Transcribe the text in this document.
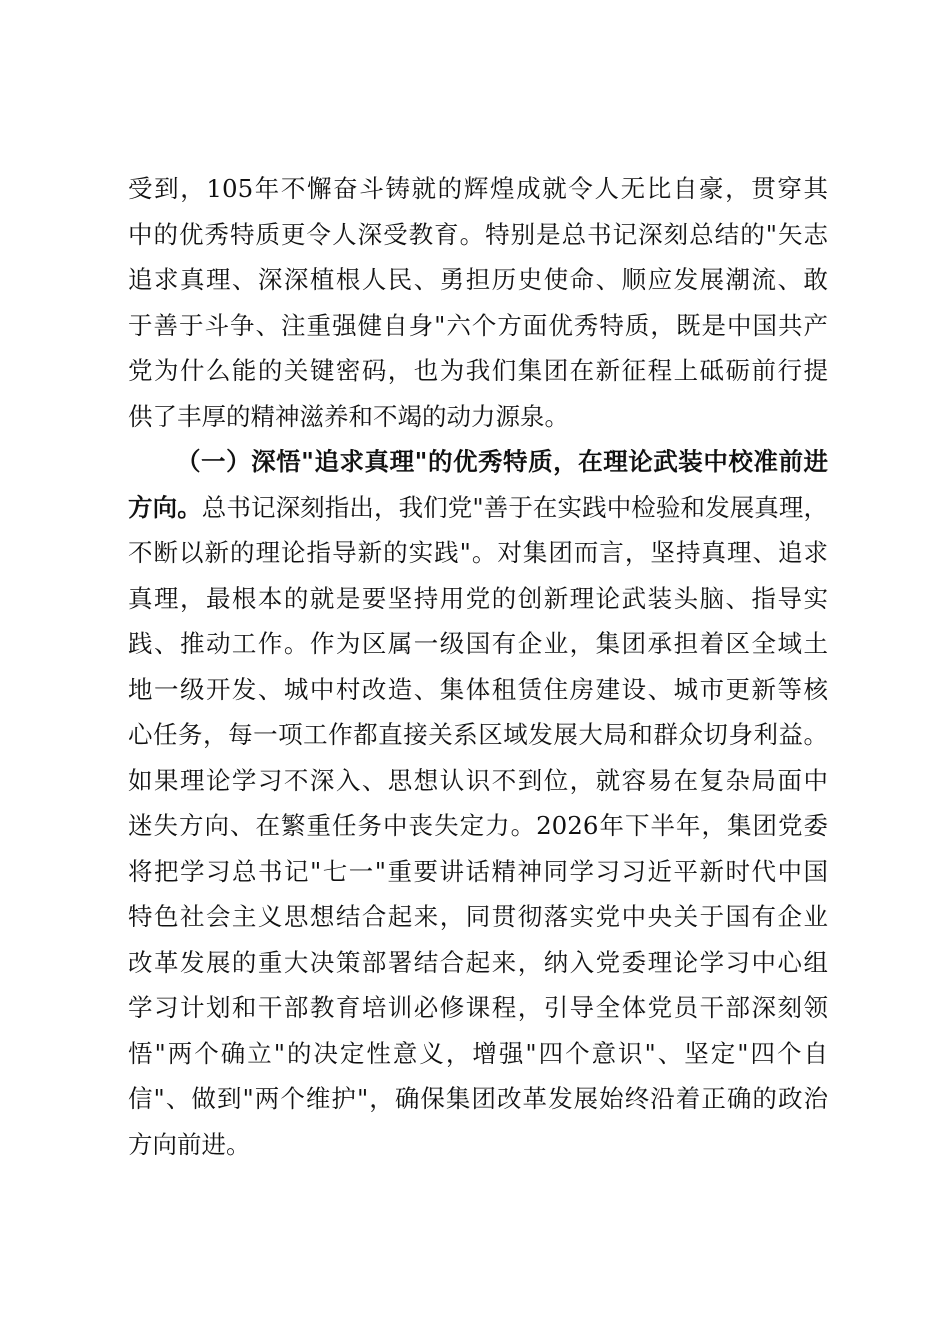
受到，105年不懈奋斗铸就的辉煌成就令人无比自豪，贯穿其
中的优秀特质更令人深受教育。特别是总书记深刻总结的"矢志
追求真理、深深植根人民、勇担历史使命、顺应发展潮流、敢
于善于斗争、注重强健自身"六个方面优秀特质，既是中国共产
党为什么能的关键密码，也为我们集团在新征程上砥砺前行提
供了丰厚的精神滋养和不竭的动力源泉。
（一）深悟"追求真理"的优秀特质，在理论武装中校准前进
方向。总书记深刻指出，我们党"善于在实践中检验和发展真理，
不断以新的理论指导新的实践"。对集团而言，坚持真理、追求
真理，最根本的就是要坚持用党的创新理论武装头脑、指导实
践、推动工作。作为区属一级国有企业，集团承担着区全域土
地一级开发、城中村改造、集体租赁住房建设、城市更新等核
心任务，每一项工作都直接关系区域发展大局和群众切身利益。
如果理论学习不深入、思想认识不到位，就容易在复杂局面中
迷失方向、在繁重任务中丧失定力。2026年下半年，集团党委
将把学习总书记"七一"重要讲话精神同学习习近平新时代中国
特色社会主义思想结合起来，同贯彻落实党中央关于国有企业
改革发展的重大决策部署结合起来，纳入党委理论学习中心组
学习计划和干部教育培训必修课程，引导全体党员干部深刻领
悟"两个确立"的决定性意义，增强"四个意识"、坚定"四个自
信"、做到"两个维护"，确保集团改革发展始终沿着正确的政治
方向前进。
